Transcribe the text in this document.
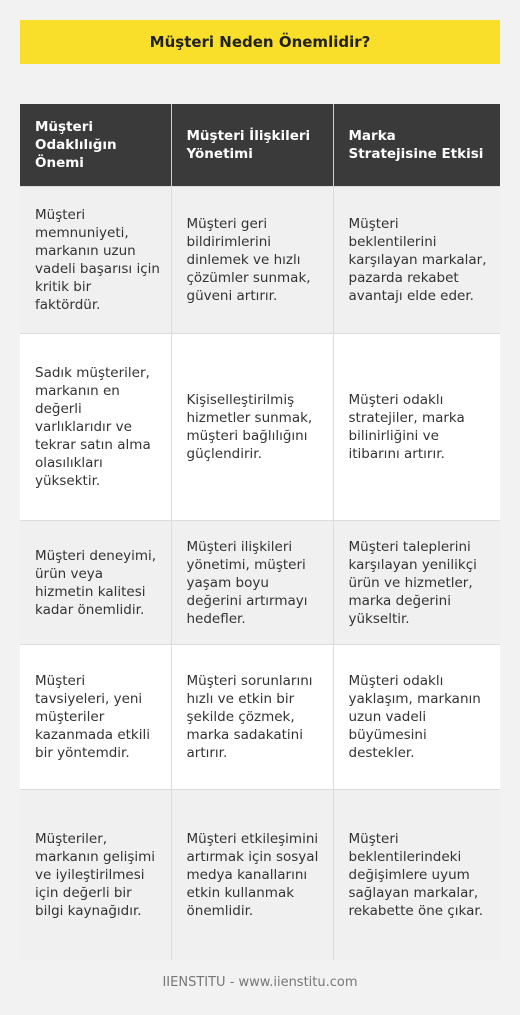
Müşteri Neden Önemlidir?
Müşteri Odaklılığın Önemi	Müşteri İlişkileri Yönetimi	Marka Stratejisine Etkisi
Müşteri memnuniyeti, markanın uzun vadeli başarısı için kritik bir faktördür.	Müşteri geri bildirimlerini dinlemek ve hızlı çözümler sunmak, güveni artırır.	Müşteri beklentilerini karşılayan markalar, pazarda rekabet avantajı elde eder.
Sadık müşteriler, markanın en değerli varlıklarıdır ve tekrar satın alma olasılıkları yüksektir.	Kişiselleştirilmiş hizmetler sunmak, müşteri bağlılığını güçlendirir.	Müşteri odaklı stratejiler, marka bilinirliğini ve itibarını artırır.
Müşteri deneyimi, ürün veya hizmetin kalitesi kadar önemlidir.	Müşteri ilişkileri yönetimi, müşteri yaşam boyu değerini artırmayı hedefler.	Müşteri taleplerini karşılayan yenilikçi ürün ve hizmetler, marka değerini yükseltir.
Müşteri tavsiyeleri, yeni müşteriler kazanmada etkili bir yöntemdir.	Müşteri sorunlarını hızlı ve etkin bir şekilde çözmek, marka sadakatini artırır.	Müşteri odaklı yaklaşım, markanın uzun vadeli büyümesini destekler.
Müşteriler, markanın gelişimi ve iyileştirilmesi için değerli bir bilgi kaynağıdır.	Müşteri etkileşimini artırmak için sosyal medya kanallarını etkin kullanmak önemlidir.	Müşteri beklentilerindeki değişimlere uyum sağlayan markalar, rekabette öne çıkar.
IIENSTITU - www.iienstitu.com
